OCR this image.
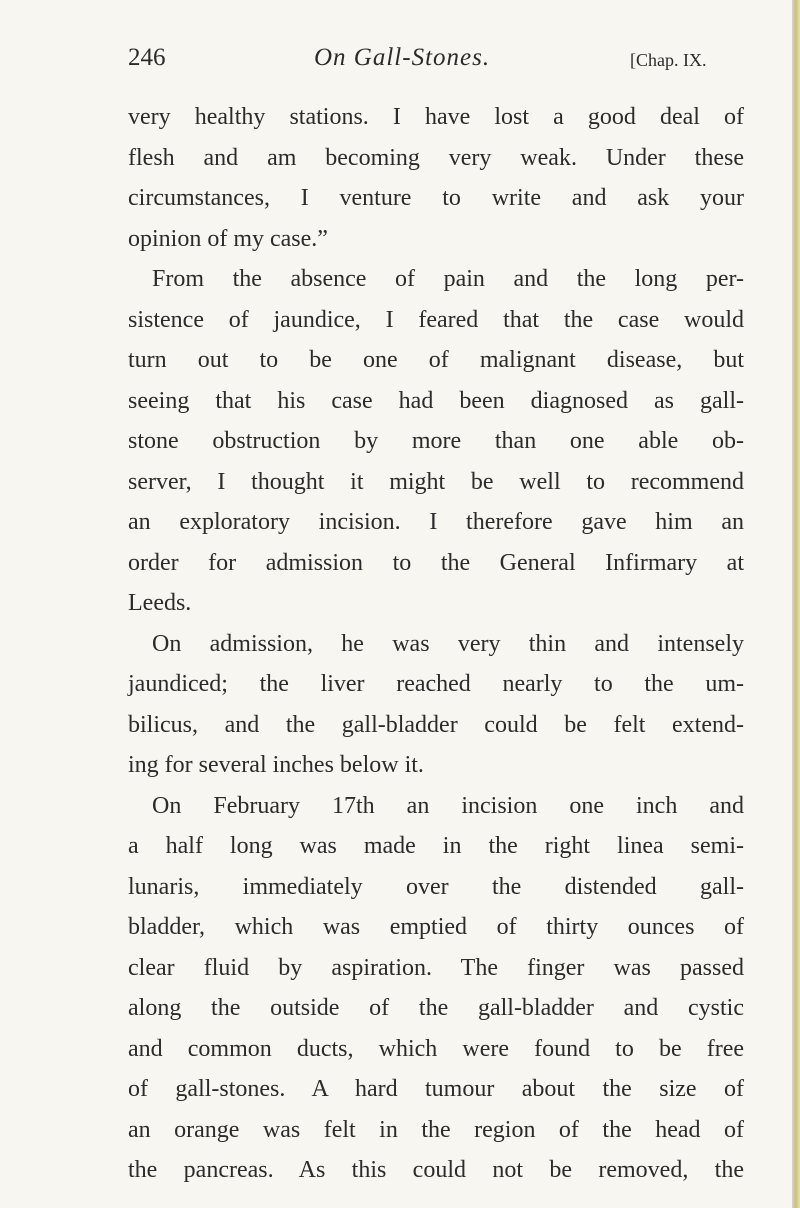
246	On Gall-Stones.	[Chap. IX.
very healthy stations. I have lost a good deal of
flesh and am becoming very weak. Under these
circumstances, I venture to write and ask your
opinion of my case.”
From the absence of pain and the long per-
sistence of jaundice, I feared that the case would
turn out to be one of malignant disease, but
seeing that his case had been diagnosed as gall-
stone obstruction by more than one able ob-
server, I thought it might be well to recommend
an exploratory incision. I therefore gave him an
order for admission to the General Infirmary at
Leeds.
On admission, he was very thin and intensely
jaundiced; the liver reached nearly to the um-
bilicus, and the gall-bladder could be felt extend-
ing for several inches below it.
On February 17th an incision one inch and
a half long was made in the right linea semi-
lunaris, immediately over the distended gall-
bladder, which was emptied of thirty ounces of
clear fluid by aspiration. The finger was passed
along the outside of the gall-bladder and cystic
and common ducts, which were found to be free
of gall-stones. A hard tumour about the size of
an orange was felt in the region of the head of
the pancreas. As this could not be removed, the
